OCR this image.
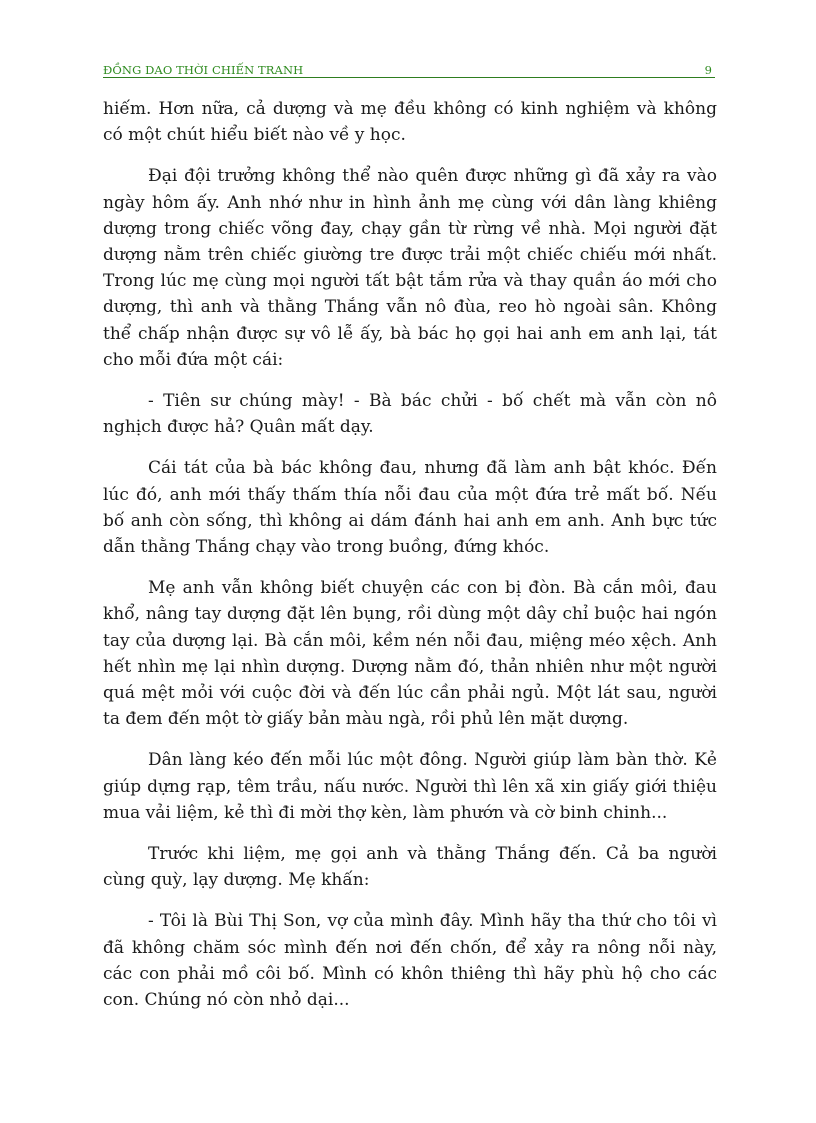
ĐỒNG DAO THỜI CHIẾN TRANH	9

hiếm. Hơn nữa, cả dượng và mẹ đều không có kinh nghiệm và không có một chút hiểu biết nào về y học.

Đại đội trưởng không thể nào quên được những gì đã xảy ra vào ngày hôm ấy. Anh nhớ như in hình ảnh mẹ cùng với dân làng khiêng dượng trong chiếc võng đay, chạy gần từ rừng về nhà. Mọi người đặt dượng nằm trên chiếc giường tre được trải một chiếc chiếu mới nhất. Trong lúc mẹ cùng mọi người tất bật tắm rửa và thay quần áo mới cho dượng, thì anh và thằng Thắng vẫn nô đùa, reo hò ngoài sân. Không thể chấp nhận được sự vô lễ ấy, bà bác họ gọi hai anh em anh lại, tát cho mỗi đứa một cái:

- Tiên sư chúng mày! - Bà bác chửi - bố chết mà vẫn còn nô nghịch được hả? Quân mất dạy.

Cái tát của bà bác không đau, nhưng đã làm anh bật khóc. Đến lúc đó, anh mới thấy thấm thía nỗi đau của một đứa trẻ mất bố. Nếu bố anh còn sống, thì không ai dám đánh hai anh em anh. Anh bực tức dẫn thằng Thắng chạy vào trong buồng, đứng khóc.

Mẹ anh vẫn không biết chuyện các con bị đòn. Bà cắn môi, đau khổ, nâng tay dượng đặt lên bụng, rồi dùng một dây chỉ buộc hai ngón tay của dượng lại. Bà cắn môi, kềm nén nỗi đau, miệng méo xệch. Anh hết nhìn mẹ lại nhìn dượng. Dượng nằm đó, thản nhiên như một người quá mệt mỏi với cuộc đời và đến lúc cần phải ngủ. Một lát sau, người ta đem đến một tờ giấy bản màu ngà, rồi phủ lên mặt dượng.

Dân làng kéo đến mỗi lúc một đông. Người giúp làm bàn thờ. Kẻ giúp dựng rạp, têm trầu, nấu nước. Người thì lên xã xin giấy giới thiệu mua vải liệm, kẻ thì đi mời thợ kèn, làm phướn và cờ binh chinh...

Trước khi liệm, mẹ gọi anh và thằng Thắng đến. Cả ba người cùng quỳ, lạy dượng. Mẹ khấn:

- Tôi là Bùi Thị Son, vợ của mình đây. Mình hãy tha thứ cho tôi vì đã không chăm sóc mình đến nơi đến chốn, để xảy ra nông nỗi này, các con phải mồ côi bố. Mình có khôn thiêng thì hãy phù hộ cho các con. Chúng nó còn nhỏ dại...
